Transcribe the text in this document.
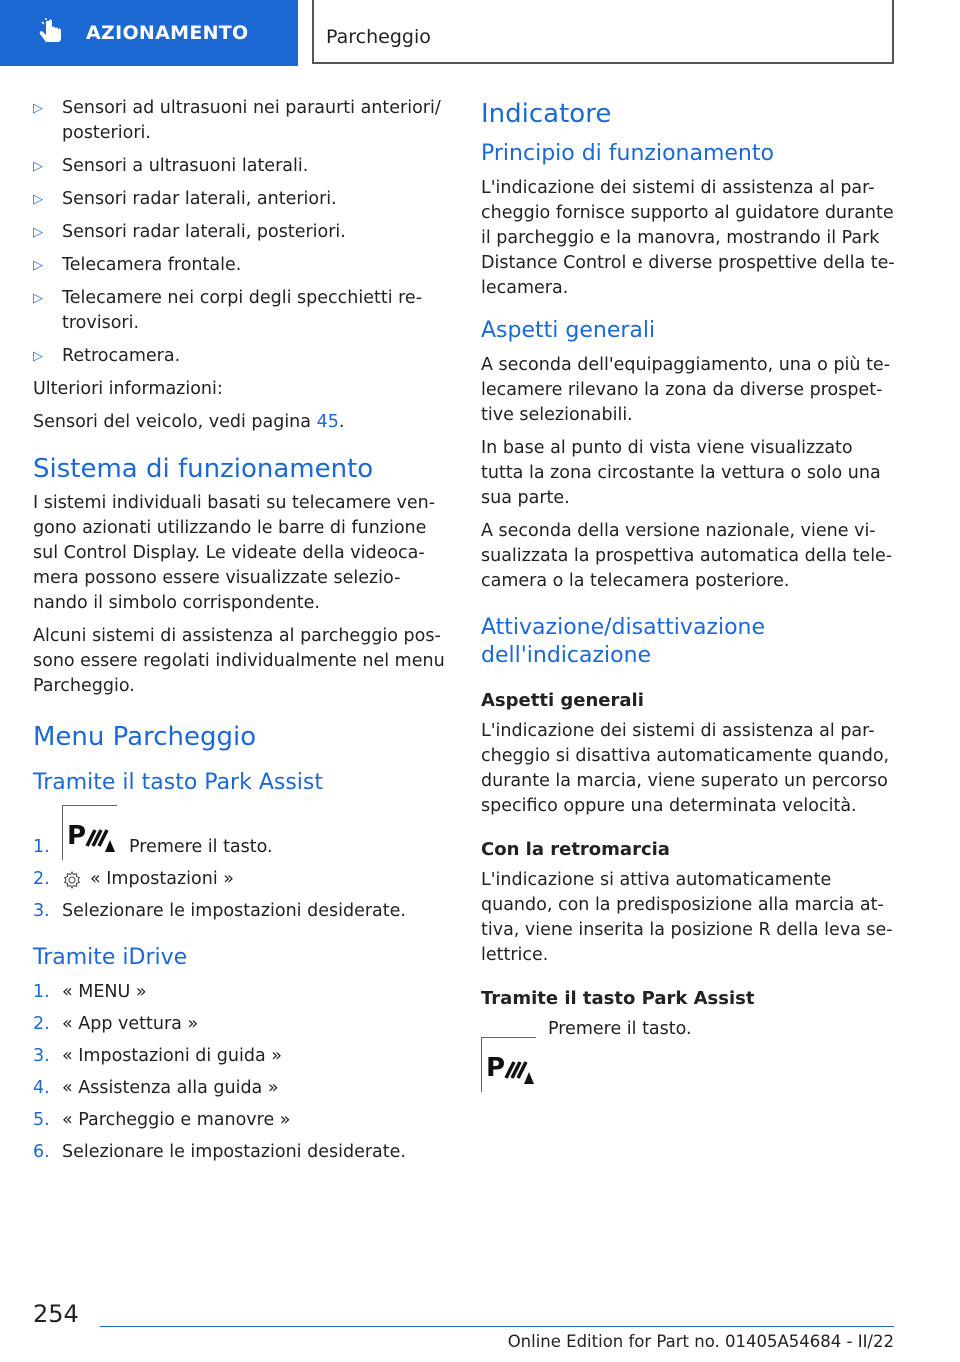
AZIONAMENTO	Parcheggio
▷	Sensori ad ultrasuoni nei paraurti anteriori/ posteriori.
▷	Sensori a ultrasuoni laterali.
▷	Sensori radar laterali, anteriori.
▷	Sensori radar laterali, posteriori.
▷	Telecamera frontale.
▷	Telecamere nei corpi degli specchietti re-trovisori.
▷	Retrocamera.

Ulteriori informazioni:

Sensori del veicolo, vedi pagina 45.

Sistema di funzionamento

I sistemi individuali basati su telecamere ven-gono azionati utilizzando le barre di funzione sul Control Display. Le videate della videoca-mera possono essere visualizzate selezio-nando il simbolo corrispondente.

Alcuni sistemi di assistenza al parcheggio pos-sono essere regolati individualmente nel menu Parcheggio.

Menu Parcheggio
Tramite il tasto Park Assist
1. P Premere il tasto.
2.	« Impostazioni »
3. Selezionare le impostazioni desiderate.
Tramite iDrive
1. « MENU »
2. « App vettura »
3. « Impostazioni di guida »
4. « Assistenza alla guida »
5. « Parcheggio e manovre »
6. Selezionare le impostazioni desiderate.
Indicatore
Principio di funzionamento

L'indicazione dei sistemi di assistenza al par-cheggio fornisce supporto al guidatore durante il parcheggio e la manovra, mostrando il Park Distance Control e diverse prospettive della te-lecamera.

Aspetti generali

A seconda dell'equipaggiamento, una o più te-lecamere rilevano la zona da diverse prospet-tive selezionabili.

In base al punto di vista viene visualizzato tutta la zona circostante la vettura o solo una sua parte.

A seconda della versione nazionale, viene vi-sualizzata la prospettiva automatica della tele-camera o la telecamera posteriore.

Attivazione/disattivazione dell'indicazione
Aspetti generali

L'indicazione dei sistemi di assistenza al par-cheggio si disattiva automaticamente quando, durante la marcia, viene superato un percorso specifico oppure una determinata velocità.

Con la retromarcia

L'indicazione si attiva automaticamente quando, con la predisposizione alla marcia at-tiva, viene inserita la posizione R della leva se-lettrice.

Tramite il tasto Park Assist
P
Premere il tasto.
254
Online Edition for Part no. 01405A54684 - II/22
